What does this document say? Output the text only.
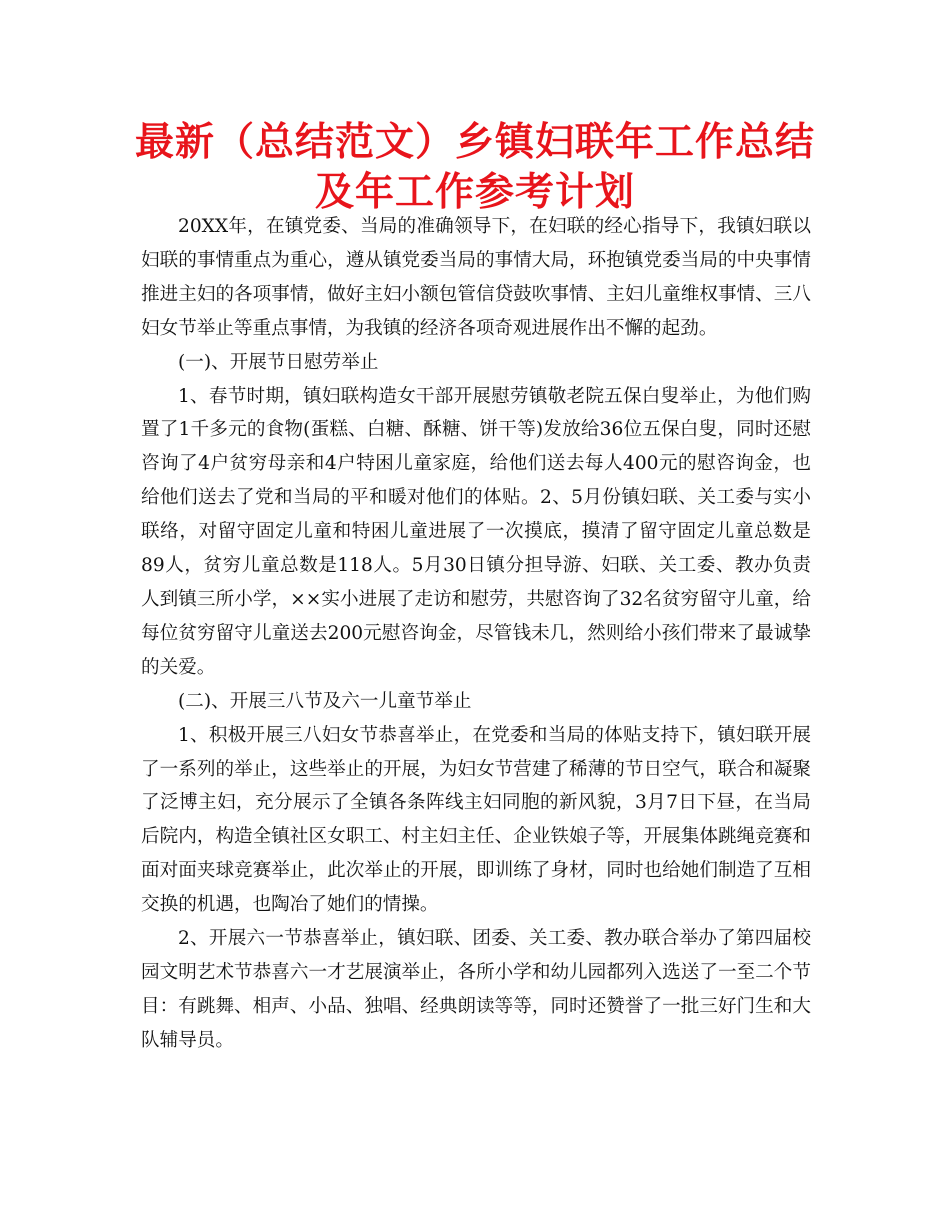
最新（总结范文）乡镇妇联年工作总结及年工作参考计划

20XX年，在镇党委、当局的准确领导下，在妇联的经心指导下，我镇妇联以妇联的事情重点为重心，遵从镇党委当局的事情大局，环抱镇党委当局的中央事情推进主妇的各项事情，做好主妇小额包管信贷鼓吹事情、主妇儿童维权事情、三八妇女节举止等重点事情，为我镇的经济各项奇观进展作出不懈的起劲。

(一)、开展节日慰劳举止

1、春节时期，镇妇联构造女干部开展慰劳镇敬老院五保白叟举止，为他们购置了1千多元的食物(蛋糕、白糖、酥糖、饼干等)发放给36位五保白叟，同时还慰咨询了4户贫穷母亲和4户特困儿童家庭，给他们送去每人400元的慰咨询金，也给他们送去了党和当局的平和暖对他们的体贴。2、5月份镇妇联、关工委与实小联络，对留守固定儿童和特困儿童进展了一次摸底，摸清了留守固定儿童总数是89人，贫穷儿童总数是118人。5月30日镇分担导游、妇联、关工委、教办负责人到镇三所小学，××实小进展了走访和慰劳，共慰咨询了32名贫穷留守儿童，给每位贫穷留守儿童送去200元慰咨询金，尽管钱未几，然则给小孩们带来了最诚挚的关爱。

(二)、开展三八节及六一儿童节举止

1、积极开展三八妇女节恭喜举止，在党委和当局的体贴支持下，镇妇联开展了一系列的举止，这些举止的开展，为妇女节营建了稀薄的节日空气，联合和凝聚了泛博主妇，充分展示了全镇各条阵线主妇同胞的新风貌，3月7日下昼，在当局后院内，构造全镇社区女职工、村主妇主任、企业铁娘子等，开展集体跳绳竞赛和面对面夹球竞赛举止，此次举止的开展，即训练了身材，同时也给她们制造了互相交换的机遇，也陶冶了她们的情操。

2、开展六一节恭喜举止，镇妇联、团委、关工委、教办联合举办了第四届校园文明艺术节恭喜六一才艺展演举止，各所小学和幼儿园都列入选送了一至二个节目：有跳舞、相声、小品、独唱、经典朗读等等，同时还赞誉了一批三好门生和大队辅导员。
